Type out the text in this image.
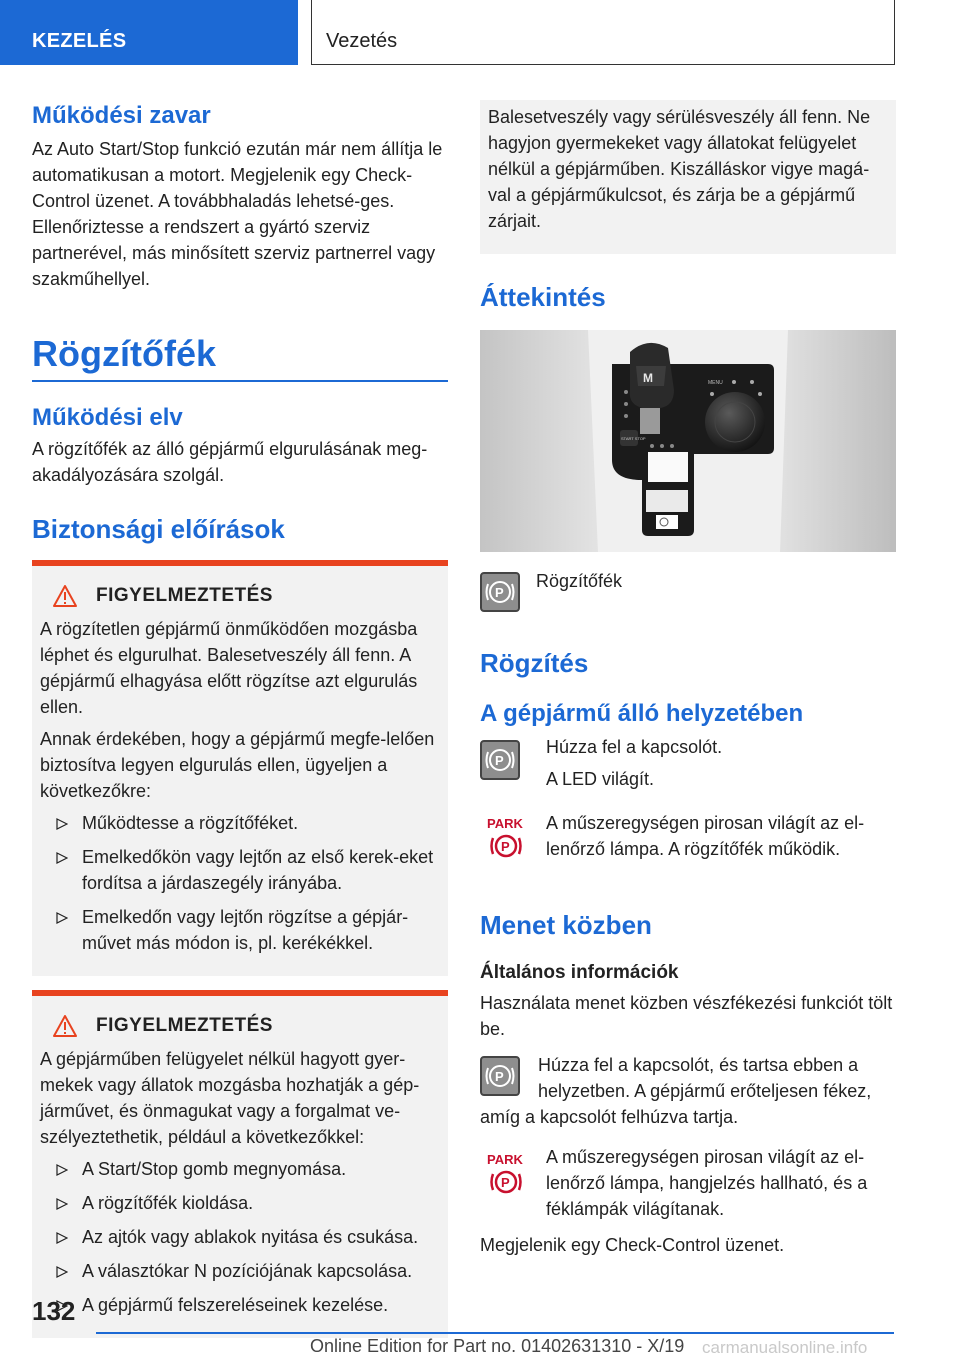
KEZELÉS	Vezetés
Működési zavar

Az Auto Start/Stop funkció ezután már nem állítja le automatikusan a motort. Megjelenik egy Check-Control üzenet. A továbbhaladás lehetsé-ges. Ellenőriztesse a rendszert a gyártó szerviz partnerével, más minősített szerviz partnerrel vagy szakműhellyel.

Rögzítőfék
Működési elv

A rögzítőfék az álló gépjármű elgurulásának meg-akadályozására szolgál.

Biztonsági előírások
FIGYELMEZTETÉS

A rögzítetlen gépjármű önműködően mozgásba léphet és elgurulhat. Balesetveszély áll fenn. A gépjármű elhagyása előtt rögzítse azt elgurulás ellen.

Annak érdekében, hogy a gépjármű megfe-lelően biztosítva legyen elgurulás ellen, ügyeljen a következőkre:

Működtesse a rögzítőféket.
Emelkedőkön vagy lejtőn az első kerek-eket fordítsa a járdaszegély irányába.
Emelkedőn vagy lejtőn rögzítse a gépjár-művet más módon is, pl. kerékékkel.
FIGYELMEZTETÉS

A gépjárműben felügyelet nélkül hagyott gyer-mekek vagy állatok mozgásba hozhatják a gép-járművet, és önmagukat vagy a forgalmat ve-szélyeztethetik, például a következőkkel:

A Start/Stop gomb megnyomása.
A rögzítőfék kioldása.
Az ajtók vagy ablakok nyitása és csukása.
A választókar N pozíciójának kapcsolása.
A gépjármű felszereléseinek kezelése.

Balesetveszély vagy sérülésveszély áll fenn. Ne hagyjon gyermekeket vagy állatokat felügyelet nélkül a gépjárműben. Kiszálláskor vigye magá-val a gépjárműkulcsot, és zárja be a gépjármű zárjait.

Áttekintés
M	MENU
START STOP
P

Rögzítőfék

Rögzítés
A gépjármű álló helyzetében
P

Húzza fel a kapcsolót.

A LED világít.

PARK
P

A műszeregységen pirosan világít az el-lenőrző lámpa. A rögzítőfék működik.

Menet közben
Általános információk

Használata menet közben vészfékezési funkciót tölt be.

P

Húzza fel a kapcsolót, és tartsa ebben a helyzetben. A gépjármű erőteljesen fékez, amíg a kapcsolót felhúzva tartja.

PARK
P

A műszeregységen pirosan világít az el-lenőrző lámpa, hangjelzés hallható, és a féklámpák világítanak.

Megjelenik egy Check-Control üzenet.

132
Online Edition for Part no. 01402631310 - X/19 carmanualsonline.info
